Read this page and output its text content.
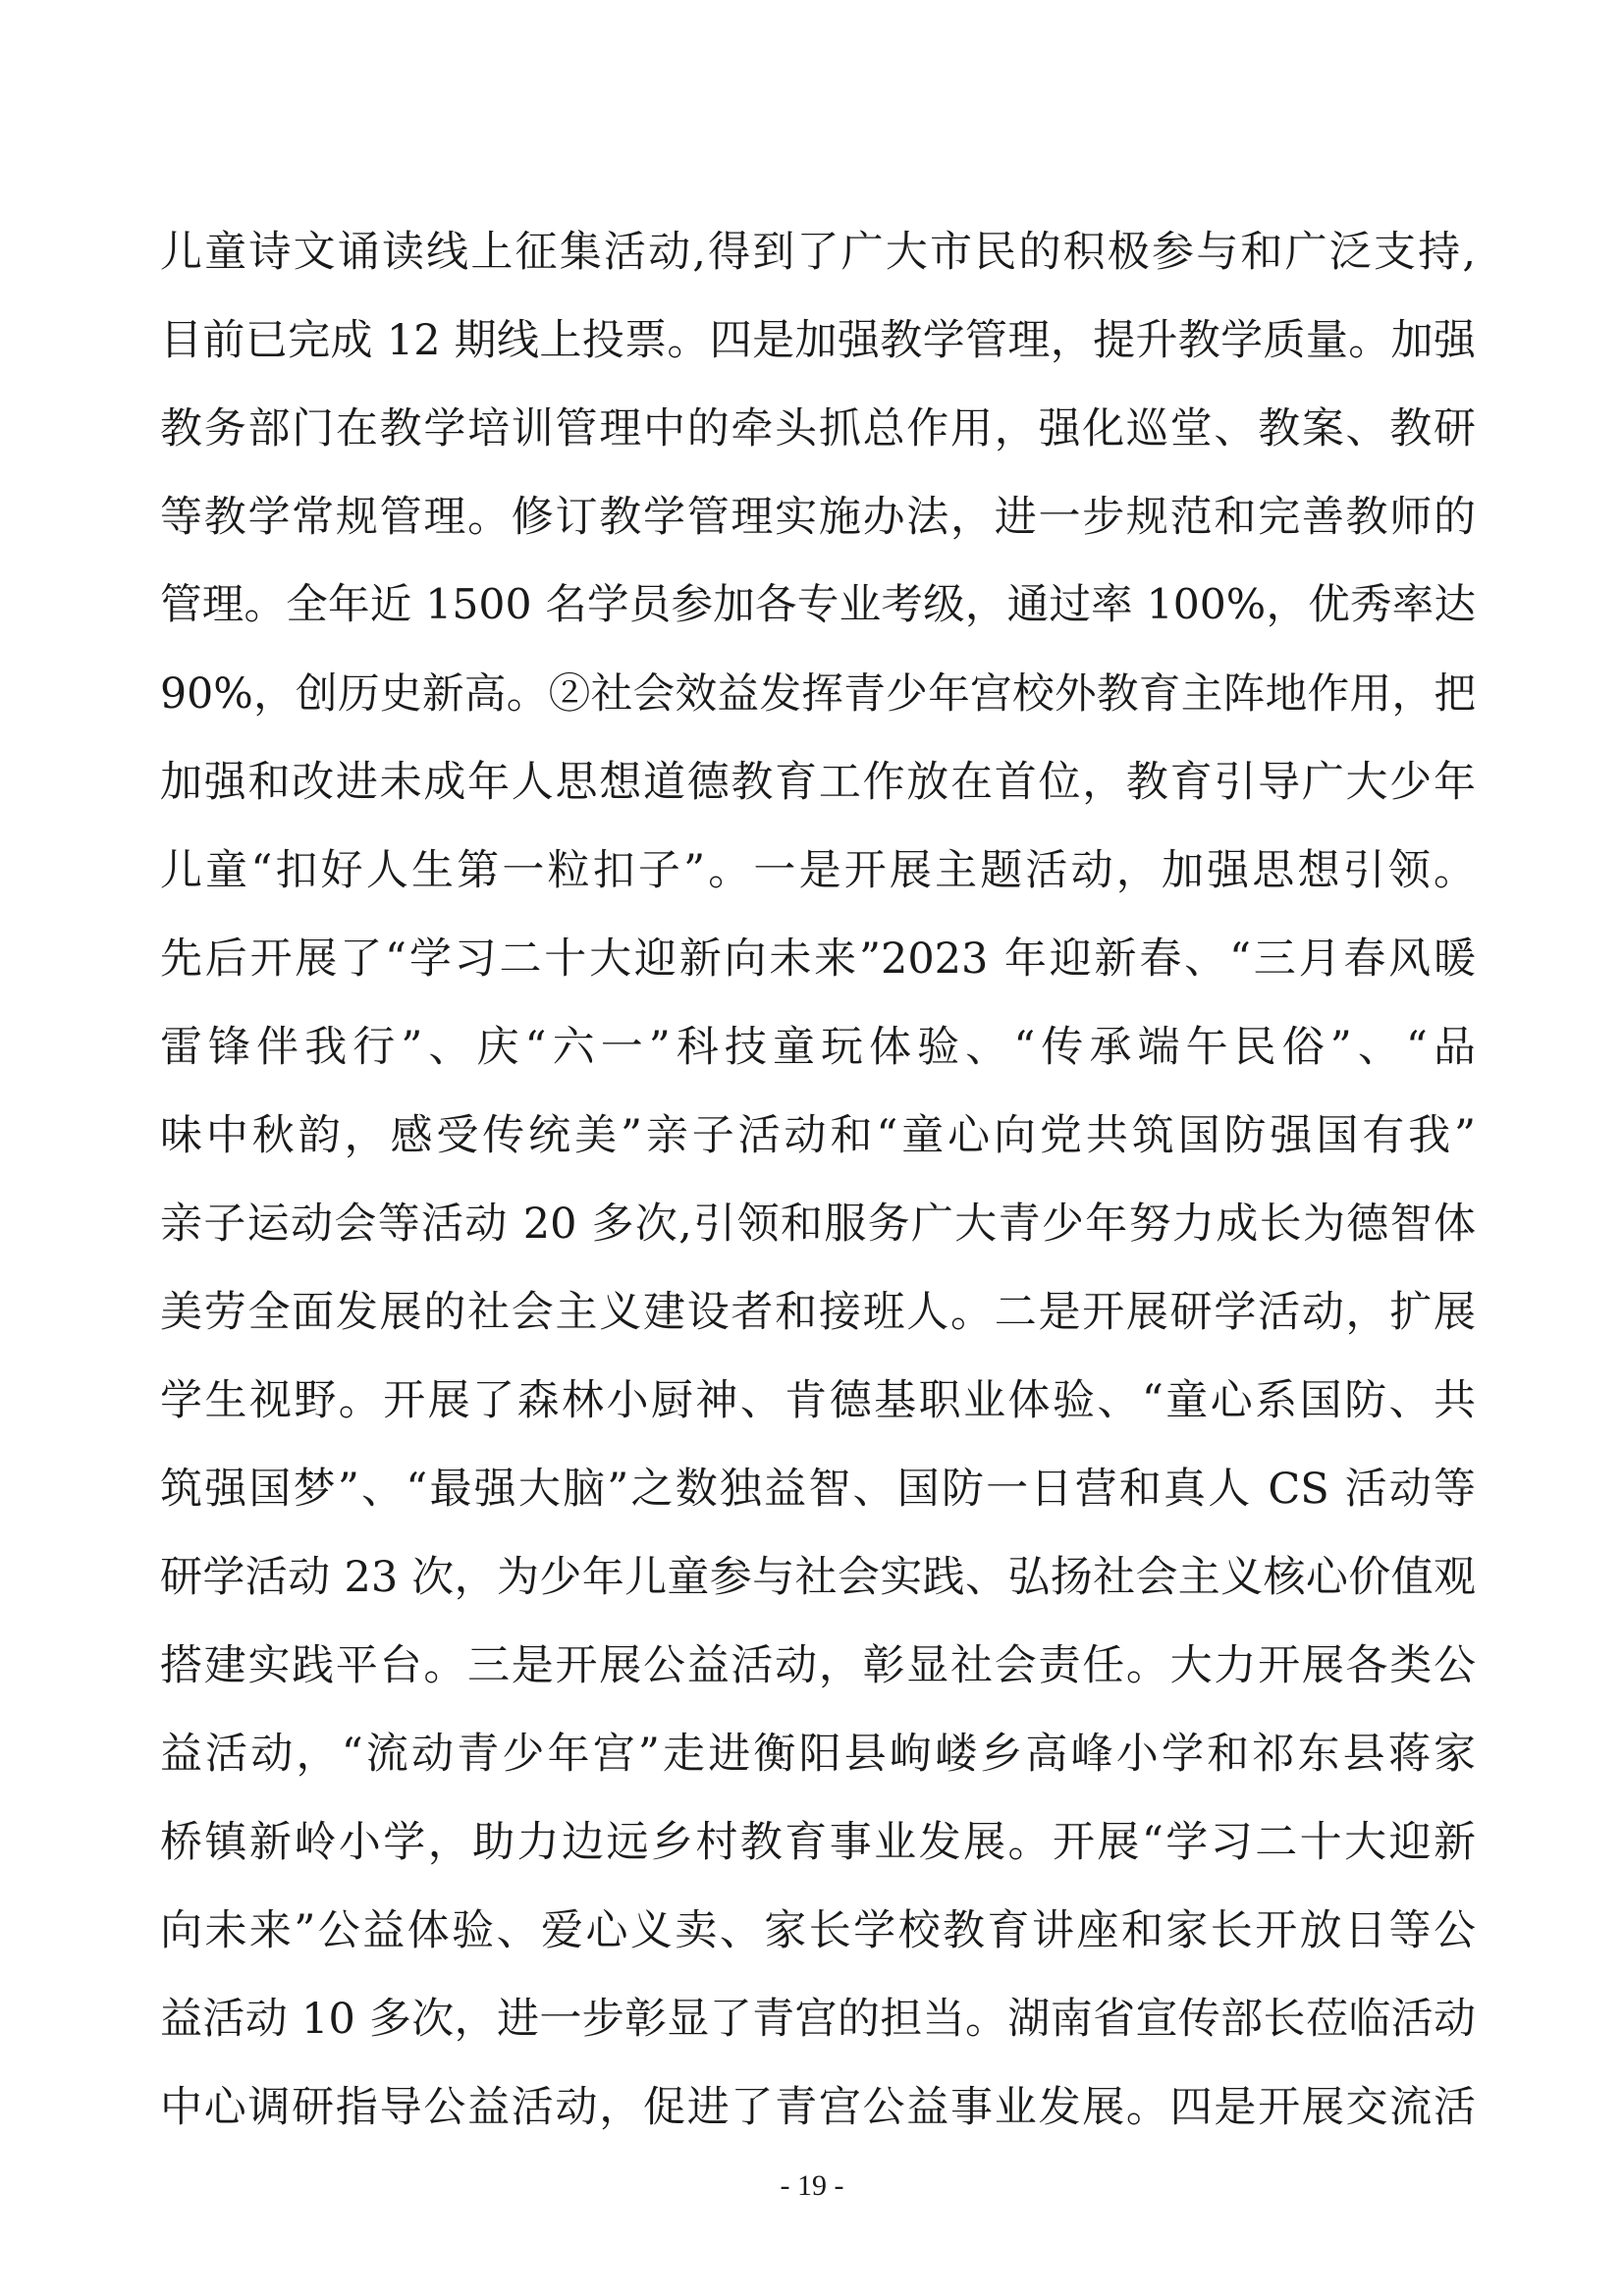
儿童诗文诵读线上征集活动,得到了广大市民的积极参与和广泛支持,
目前已完成 12 期线上投票。四是加强教学管理，提升教学质量。加强
教务部门在教学培训管理中的牵头抓总作用，强化巡堂、教案、教研
等教学常规管理。修订教学管理实施办法，进一步规范和完善教师的
管理。全年近 1500 名学员参加各专业考级，通过率 100%，优秀率达
90%，创历史新高。②社会效益发挥青少年宫校外教育主阵地作用，把
加强和改进未成年人思想道德教育工作放在首位，教育引导广大少年
儿童“扣好人生第一粒扣子”。一是开展主题活动，加强思想引领。
先后开展了“学习二十大迎新向未来”2023 年迎新春、“三月春风暖
雷锋伴我行”、庆“六一”科技童玩体验、“传承端午民俗”、“品
味中秋韵，感受传统美”亲子活动和“童心向党共筑国防强国有我”
亲子运动会等活动 20 多次,引领和服务广大青少年努力成长为德智体
美劳全面发展的社会主义建设者和接班人。二是开展研学活动，扩展
学生视野。开展了森林小厨神、肯德基职业体验、“童心系国防、共
筑强国梦”、“最强大脑”之数独益智、国防一日营和真人 CS 活动等
研学活动 23 次，为少年儿童参与社会实践、弘扬社会主义核心价值观
搭建实践平台。三是开展公益活动，彰显社会责任。大力开展各类公
益活动，“流动青少年宫”走进衡阳县岣嵝乡高峰小学和祁东县蒋家
桥镇新岭小学，助力边远乡村教育事业发展。开展“学习二十大迎新
向未来”公益体验、爱心义卖、家长学校教育讲座和家长开放日等公
益活动 10 多次，进一步彰显了青宫的担当。湖南省宣传部长莅临活动
中心调研指导公益活动，促进了青宫公益事业发展。四是开展交流活
- 19 -
